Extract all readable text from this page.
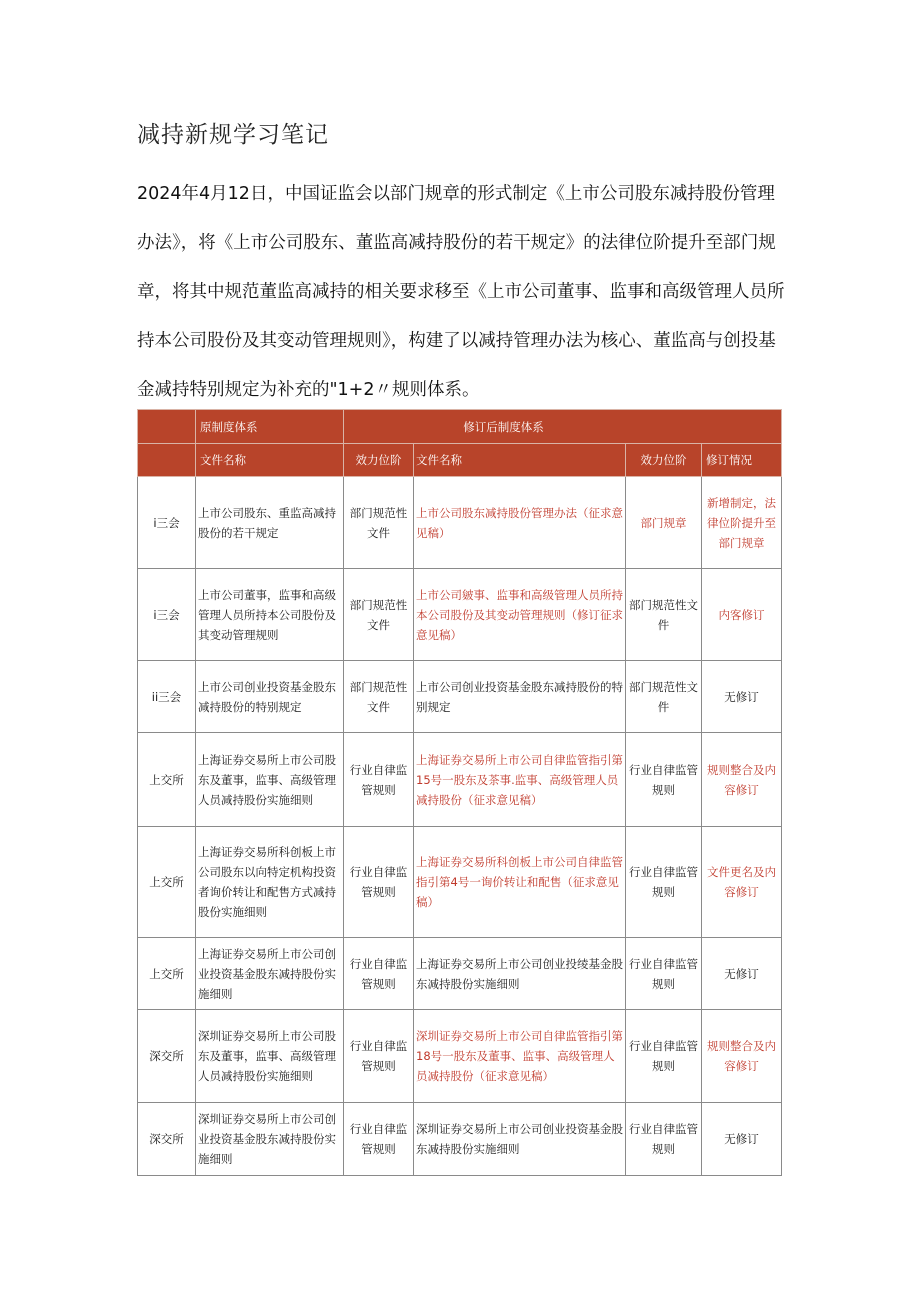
减持新规学习笔记
2024年4月12日，中国证监会以部门规章的形式制定《上市公司股东减持股份管理办法》，将《上市公司股东、董监高减持股份的若干规定》的法律位阶提升至部门规章，将其中规范董监高减持的相关要求移至《上市公司董事、监事和高级管理人员所持本公司股份及其变动管理规则》，构建了以减持管理办法为核心、董监高与创投基金减持特别规定为补充的"1+2〃规则体系。
	原制度体系	修订后制度体系			
	文件名称	效力位阶	文件名称	效力位阶	修订情况
i三会	上市公司股东、重监高减持股份的若干规定	部门规范性文件	上市公司股东减持股份管理办法（征求意见稿）	部门规章	新增制定，法律位阶提升至部门规章
i三会	上市公司董事，监事和高级管理人员所持本公司股份及其变动管理规则	部门规范性文件	上市公司皴事、监事和高级管理人员所持本公司股份及其变动管理规则（修订征求意见稿）	部门规范性文件	内客修订
ii三会	上市公司创业投资基金股东减持股份的特别规定	部门规范性文件	上市公司创业投资基金股东减持股份的特别规定	部门规范性文件	无修订
上交所	上海证券交易所上市公司股东及董事，监事、高级管理人员减持股份实施细则	行业自律监管规则	上海证券交易所上市公司自律监管指引第15号一股东及茶事.监事、高级管理人员减持股份（征求意见稿）	行业自律监管规则	规则整合及内容修订
上交所	上海证券交易所科创板上市公司股东以向特定机构投资者询价转让和配售方式减持股份实施细则	行业自律监管规则	上海证券交易所科创板上市公司自律监管指引第4号一询价转让和配售（征求意见稿）	行业自律监管规则	文件更名及内容修订
上交所	上海证券交易所上市公司创业投资基金股东减持股份实施细则	行业自律监管规则	上海证券交易所上市公司创业投绫基金股东减持股份实施细则	行业自律监管规则	无修订
深交所	深圳证券交易所上市公司股东及董事，监事、高级管理人员减持股份实施细则	行业自律监管规则	深圳证券交易所上市公司自律监管指引第18号一股东及董事、监事、高级管理人员减持股份（征求意见稿）	行业自律监管规则	规则整合及内容修订
深交所	深圳证券交易所上市公司创业投资基金股东减持股份实施细则	行业自律监管规则	深圳证券交易所上市公司创业投资基金股东减持股份实施细则	行业自律监管规则	无修订
